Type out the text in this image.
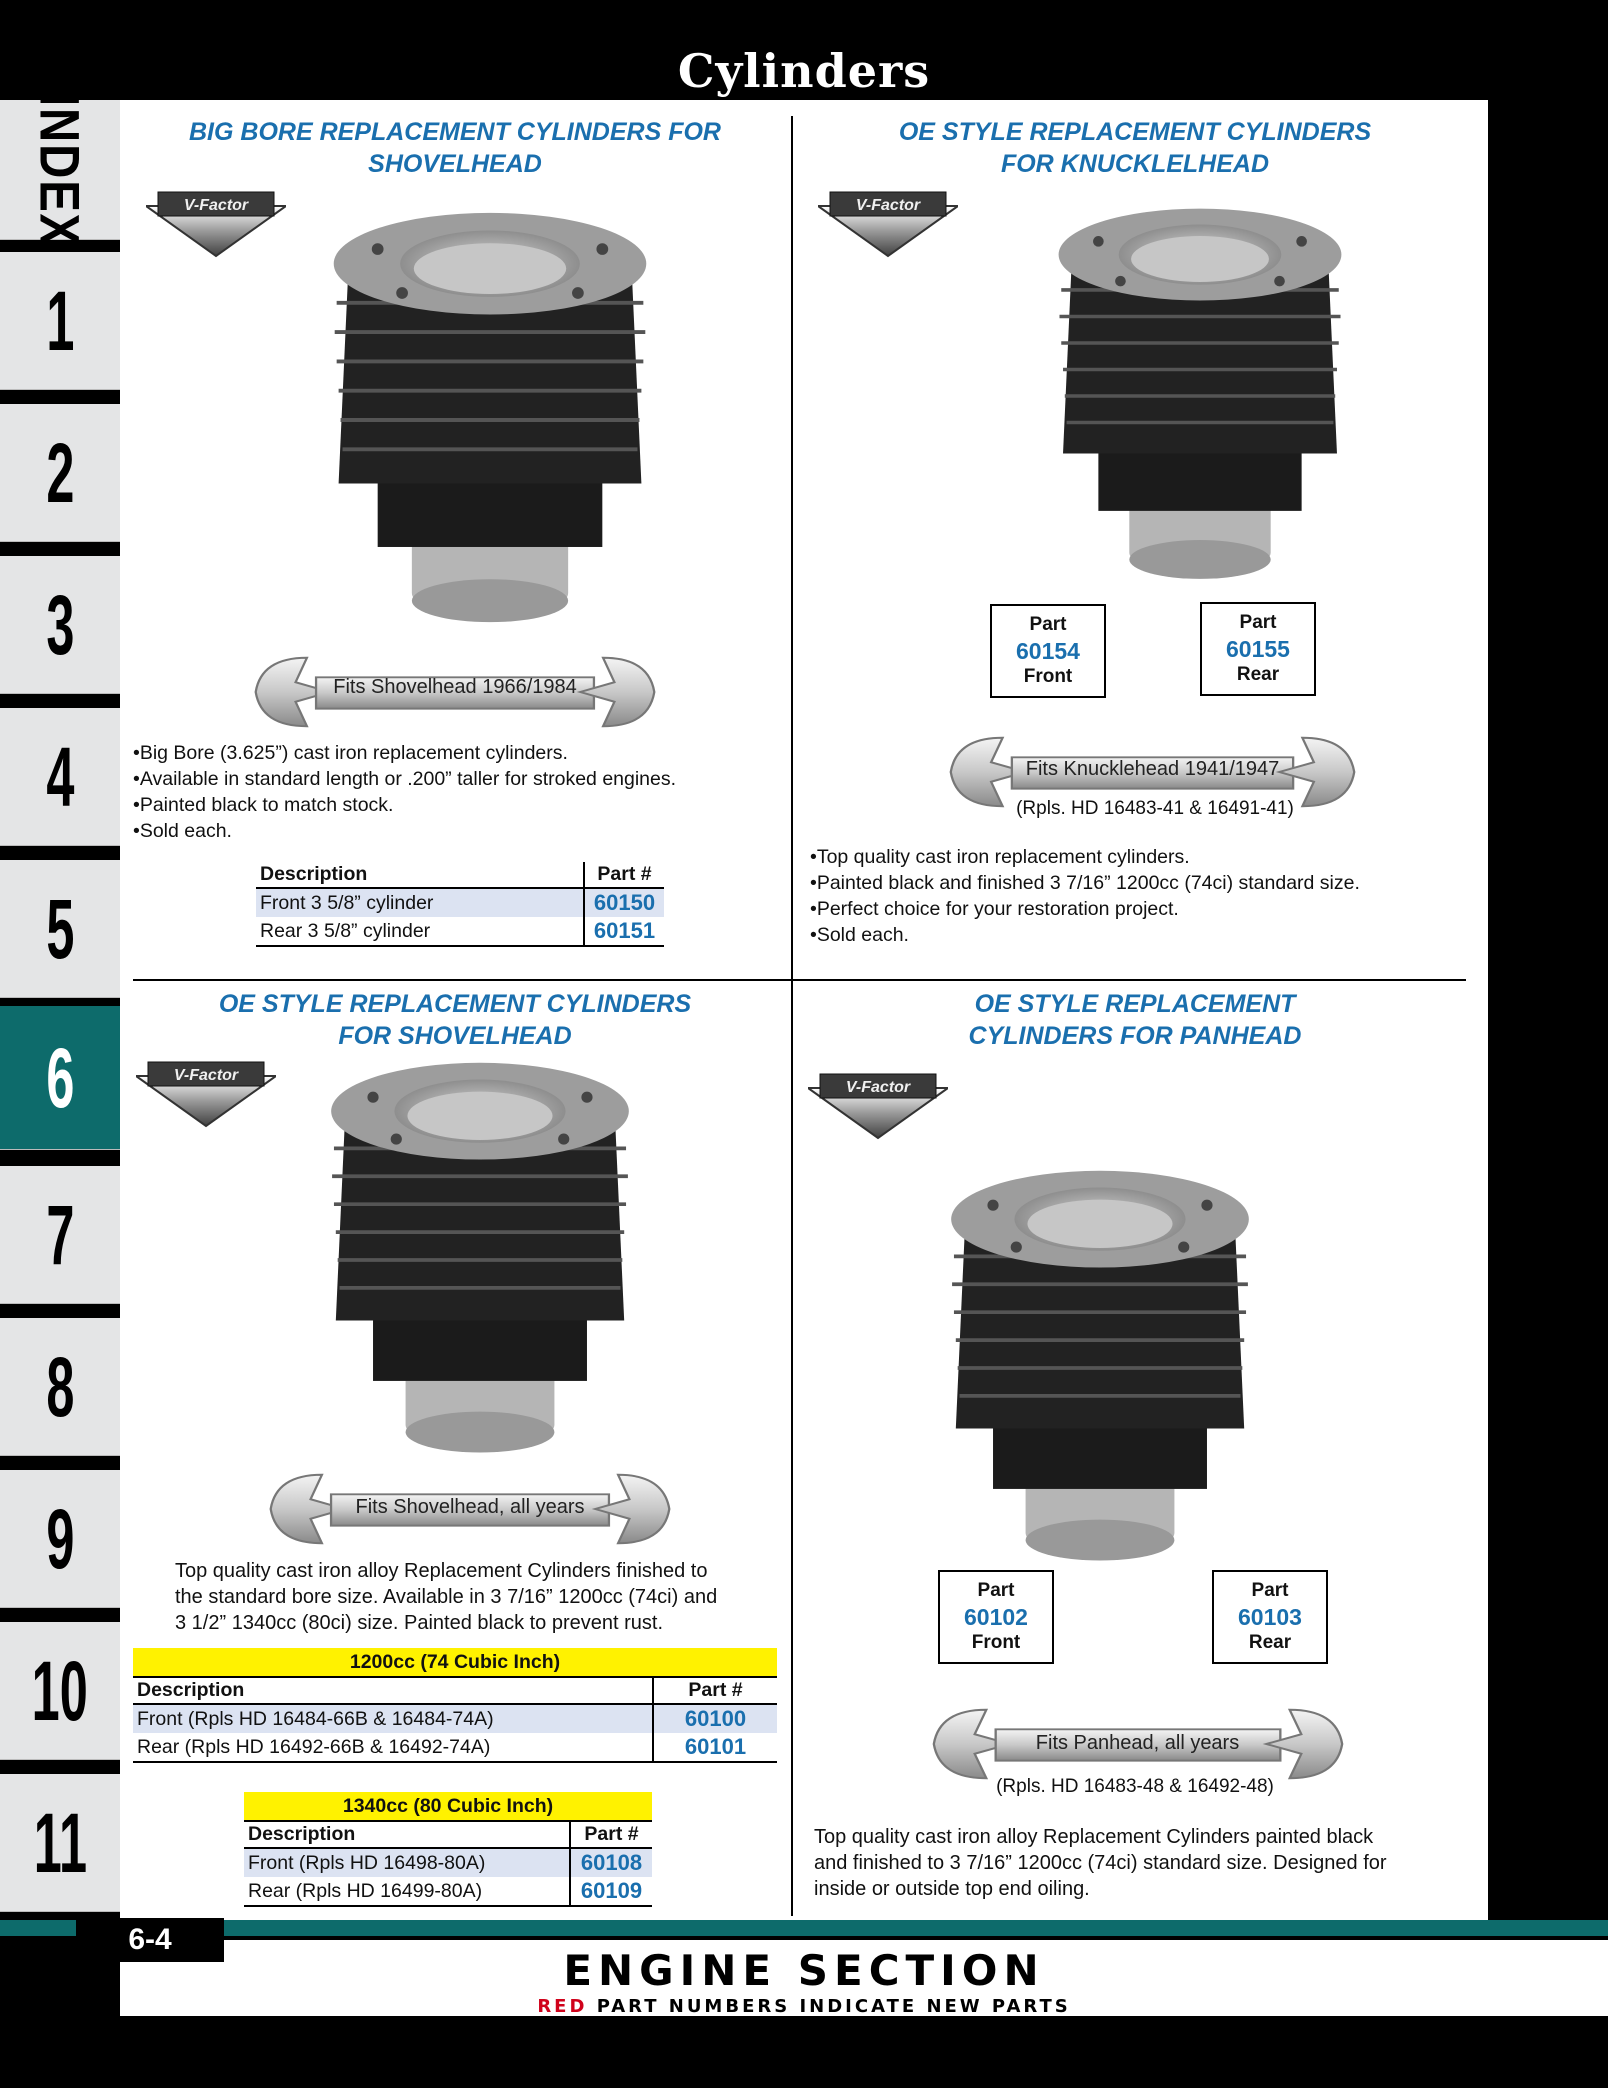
Cylinders
INDEX
1
2
3
4
5
6
7
8
9
10
11
BIG BORE REPLACEMENT CYLINDERS FOR
SHOVELHEAD
V-Factor
Fits Shovelhead 1966/1984
• Big Bore (3.625”) cast iron replacement cylinders.
• Available in standard length or .200” taller for stroked engines.
• Painted black to match stock.
• Sold each.
Description	Part #
Front 3 5/8” cylinder	60150
Rear 3 5/8” cylinder	60151
OE STYLE REPLACEMENT CYLINDERS
FOR KNUCKLELHEAD
V-Factor
Part
60154
Front
Part
60155
Rear
Fits Knucklehead 1941/1947
(Rpls. HD 16483-41 & 16491-41)
• Top quality cast iron replacement cylinders.
• Painted black and finished 3 7/16” 1200cc (74ci) standard size.
• Perfect choice for your restoration project.
• Sold each.
OE STYLE REPLACEMENT CYLINDERS
FOR SHOVELHEAD
V-Factor
Fits Shovelhead, all years
Top quality cast iron alloy Replacement Cylinders finished to
the standard bore size. Available in 3 7/16” 1200cc (74ci) and
3 1/2” 1340cc (80ci) size. Painted black to prevent rust.
1200cc (74 Cubic Inch)	
Description	Part #
Front (Rpls HD 16484-66B & 16484-74A)	60100
Rear (Rpls HD 16492-66B & 16492-74A)	60101
1340cc (80 Cubic Inch)	
Description	Part #
Front (Rpls HD 16498-80A)	60108
Rear (Rpls HD 16499-80A)	60109
OE STYLE REPLACEMENT
CYLINDERS FOR PANHEAD
V-Factor
Part
60102
Front
Part
60103
Rear
Fits Panhead, all years
(Rpls. HD 16483-48 & 16492-48)
Top quality cast iron alloy Replacement Cylinders painted black
and finished to 3 7/16” 1200cc (74ci) standard size. Designed for
inside or outside top end oiling.
6-4
ENGINE SECTION
RED PART NUMBERS INDICATE NEW PARTS
